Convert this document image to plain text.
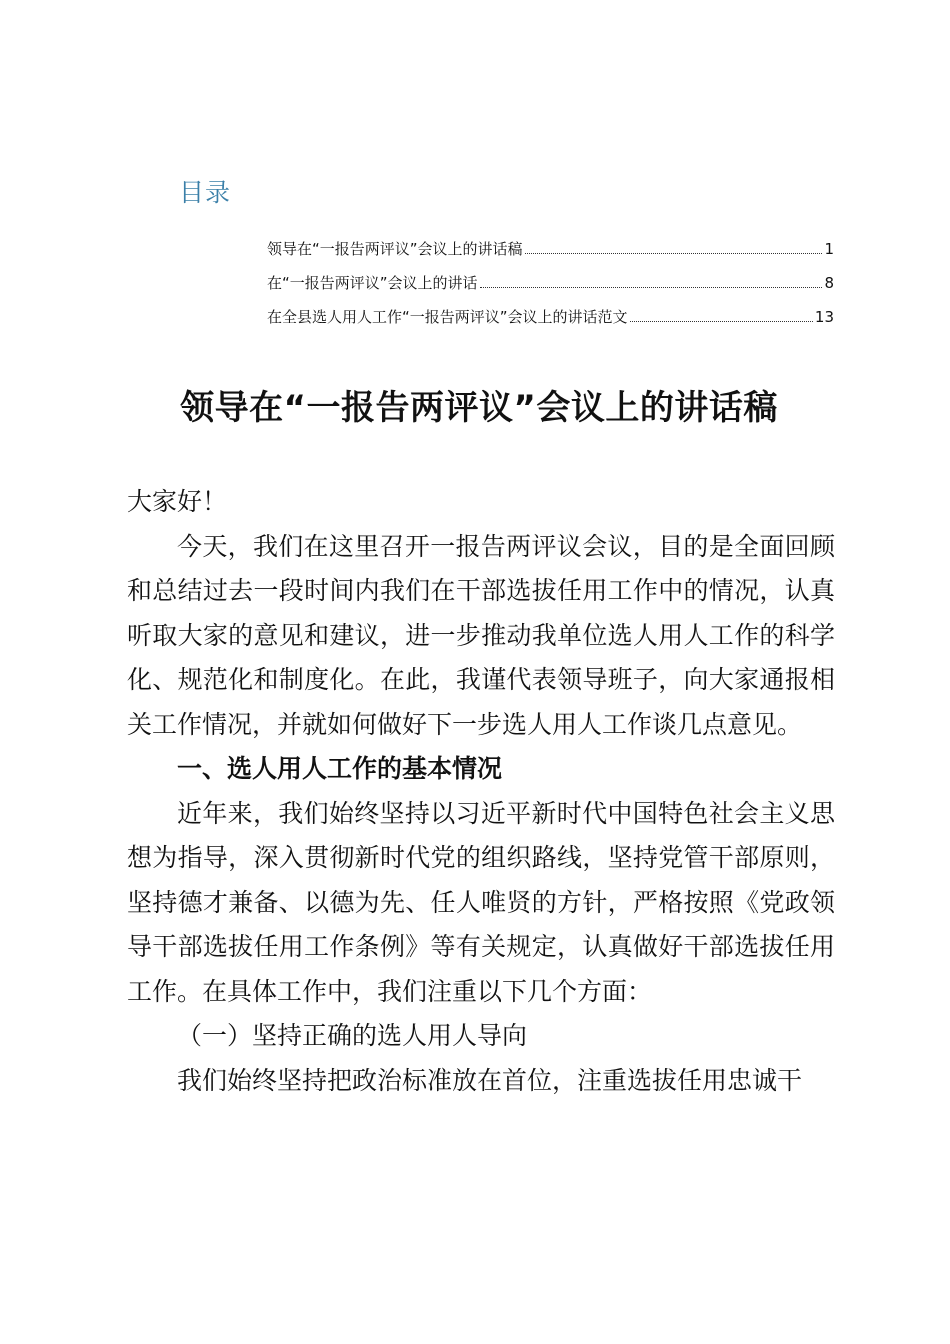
目录
领导在“一报告两评议”会议上的讲话稿	1
在“一报告两评议”会议上的讲话	8
在全县选人用人工作“一报告两评议”会议上的讲话范文	13
领导在“一报告两评议”会议上的讲话稿

大家好！

今天，我们在这里召开一报告两评议会议，目的是全面回顾和总结过去一段时间内我们在干部选拔任用工作中的情况，认真听取大家的意见和建议，进一步推动我单位选人用人工作的科学化、规范化和制度化。在此，我谨代表领导班子，向大家通报相关工作情况，并就如何做好下一步选人用人工作谈几点意见。

一、选人用人工作的基本情况

近年来，我们始终坚持以习近平新时代中国特色社会主义思想为指导，深入贯彻新时代党的组织路线，坚持党管干部原则，坚持德才兼备、以德为先、任人唯贤的方针，严格按照《党政领导干部选拔任用工作条例》等有关规定，认真做好干部选拔任用工作。在具体工作中，我们注重以下几个方面：

（一）坚持正确的选人用人导向

我们始终坚持把政治标准放在首位，注重选拔任用忠诚干
